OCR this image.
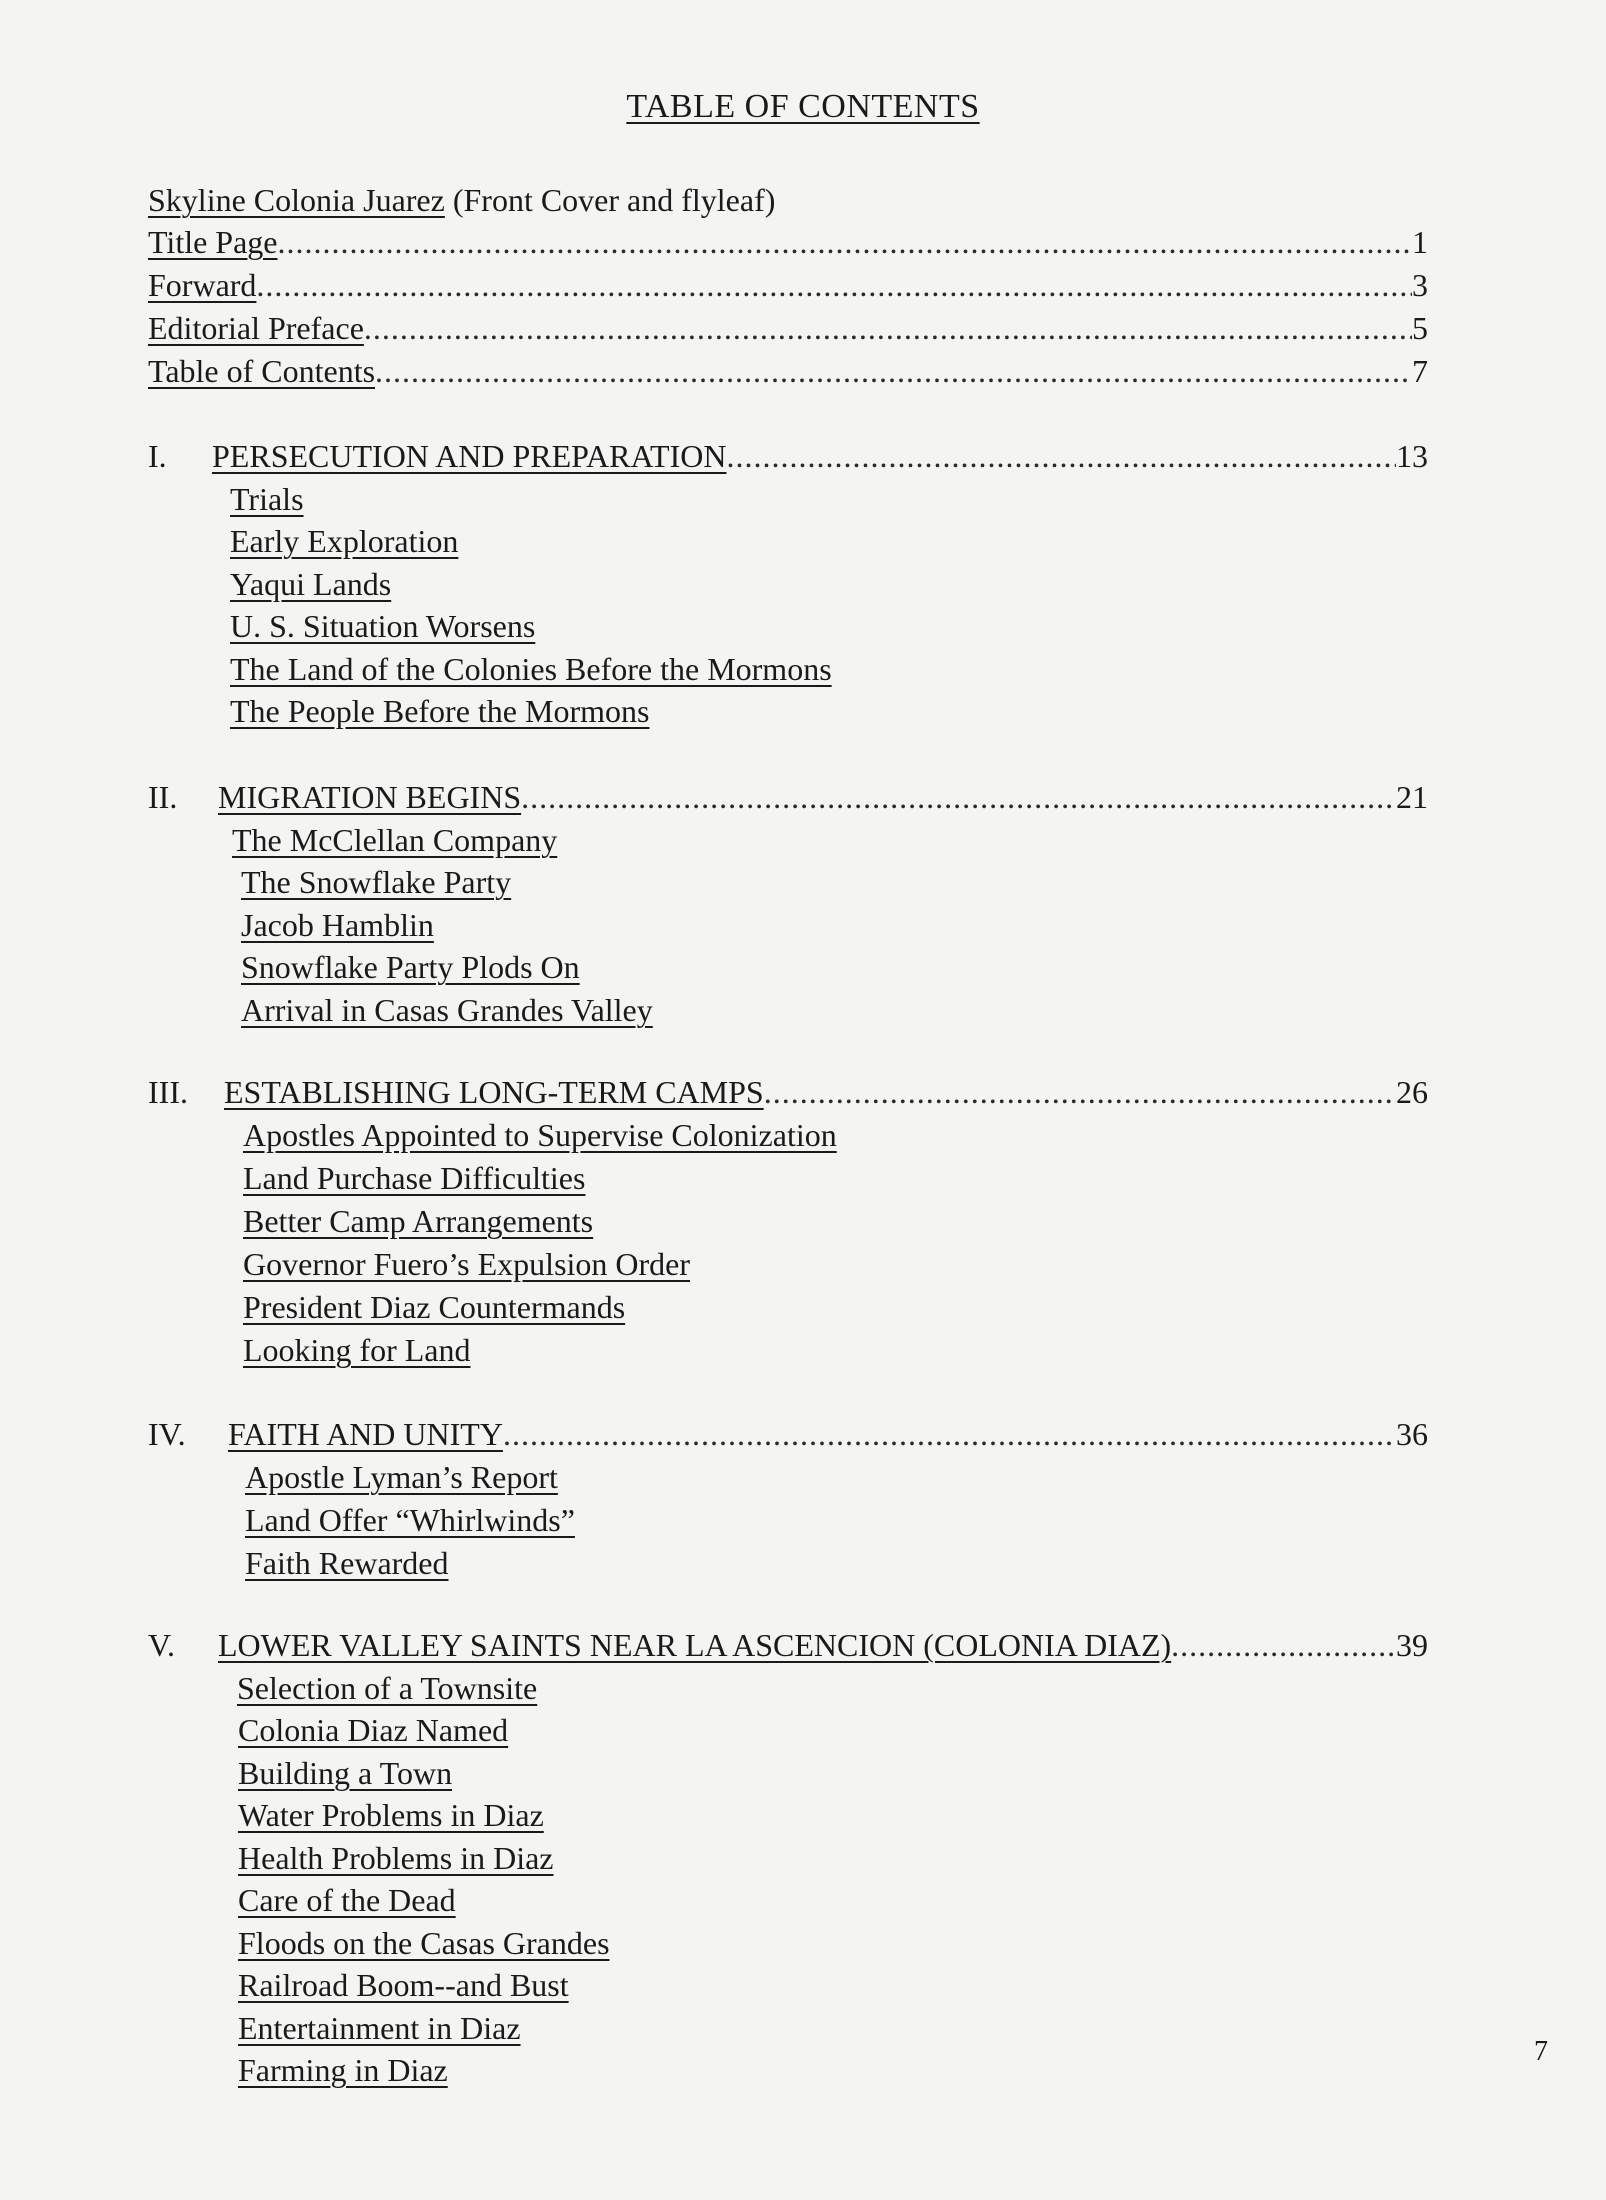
TABLE OF CONTENTS
Skyline Colonia Juarez (Front Cover and flyleaf)
Title Page .....	1
Forward .....	3
Editorial Preface .....	5
Table of Contents .....	7
I.	PERSECUTION AND PREPARATION .....	13
Trials
Early Exploration
Yaqui Lands
U. S. Situation Worsens
The Land of the Colonies Before the Mormons
The People Before the Mormons
II.	MIGRATION BEGINS .....	21
The McClellan Company
The Snowflake Party
Jacob Hamblin
Snowflake Party Plods On
Arrival in Casas Grandes Valley
III.	ESTABLISHING LONG-TERM CAMPS .....	26
Apostles Appointed to Supervise Colonization
Land Purchase Difficulties
Better Camp Arrangements
Governor Fuero’s Expulsion Order
President Diaz Countermands
Looking for Land
IV.	FAITH AND UNITY .....	36
Apostle Lyman’s Report
Land Offer “Whirlwinds”
Faith Rewarded
V.	LOWER VALLEY SAINTS NEAR LA ASCENCION (COLONIA DIAZ) .....	39
Selection of a Townsite
Colonia Diaz Named
Building a Town
Water Problems in Diaz
Health Problems in Diaz
Care of the Dead
Floods on the Casas Grandes
Railroad Boom--and Bust
Entertainment in Diaz
Farming in Diaz
7
